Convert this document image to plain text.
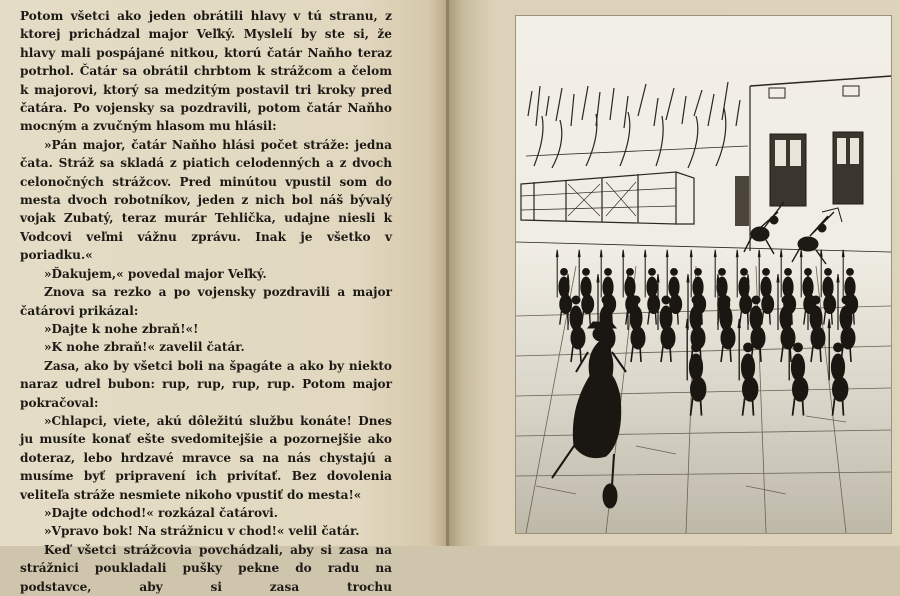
Potom všetci ako jeden obrátili hlavy v tú stranu, z ktorej prichádzal major Veľký. Myslelí by ste si, že hlavy mali pospájané nitkou, ktorú čatár Naňho teraz potrhol. Čatár sa obrátil chrbtom k strážcom a čelom k majorovi, ktorý sa medzitým postavil tri kroky pred čatára. Po vojensky sa pozdravili, potom čatár Naňho mocným a zvučným hlasom mu hlásil:

»Pán major, čatár Naňho hlási počet stráže: jedna čata. Stráž sa skladá z piatich celodenných a z dvoch celonočných strážcov. Pred minútou vpustil som do mesta dvoch robotníkov, jeden z nich bol náš bývalý vojak Zubatý, teraz murár Tehlička, udajne niesli k Vodcovi veľmi vážnu zprávu. Inak je všetko v poriadku.«

»Ďakujem,« povedal major Veľký.

Znova sa rezko a po vojensky pozdravili a major čatárovi prikázal:

»Dajte k nohe zbraň!«!

»K nohe zbraň!« zavelil čatár.

Zasa, ako by všetci boli na špagáte a ako by niekto naraz udrel bubon: rup, rup, rup, rup. Potom major pokračoval:

»Chlapci, viete, akú dôležitú službu konáte! Dnes ju musíte konať ešte svedomitejšie a pozornejšie ako doteraz, lebo hrdzavé mravce sa na nás chystajú a musíme byť pripravení ich privítať. Bez dovolenia veliteľa stráže nesmiete nikoho vpustiť do mesta!«

»Dajte odchod!« rozkázal čatárovi.

»Vpravo bok! Na strážnicu v chod!« velil čatár.

Keď všetci strážcovia povchádzali, aby si zasa na strážnici poukladali pušky pekne do radu na podstavce, aby si zasa trochu
